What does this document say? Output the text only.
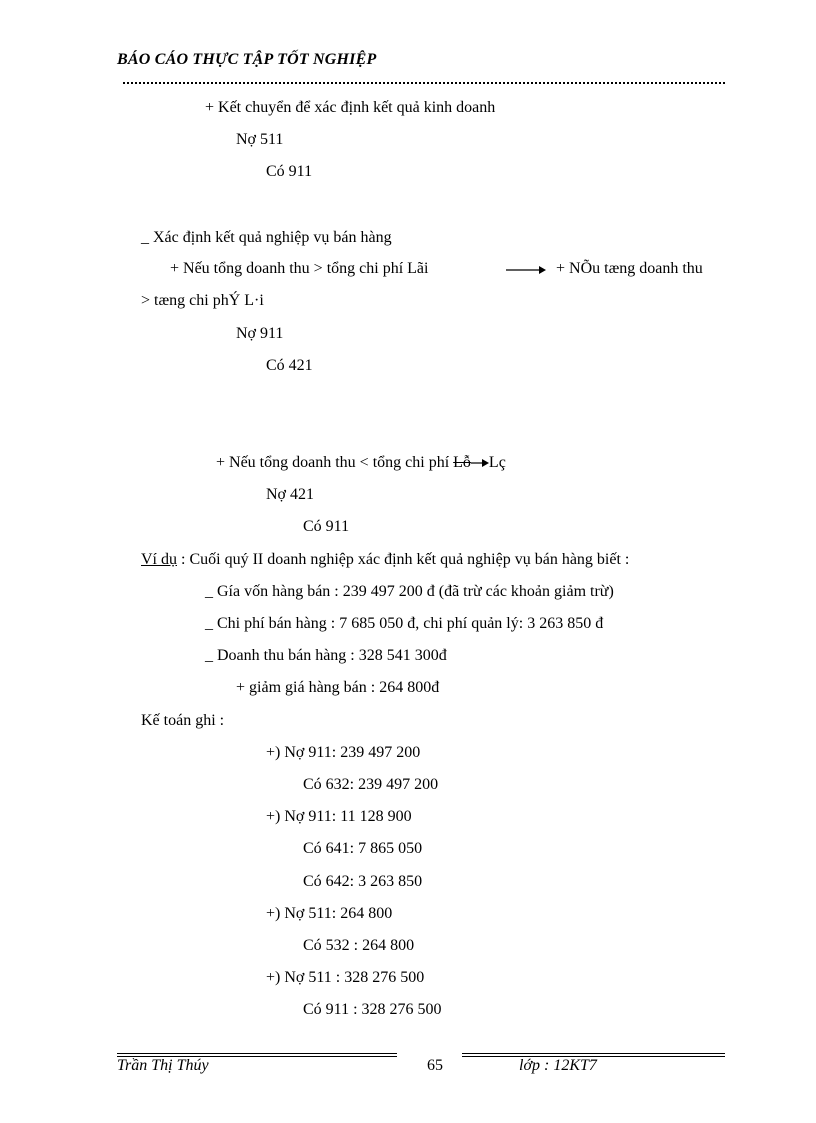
BÁO CÁO THỰC TẬP TỐT NGHIỆP
+ Kết chuyển để xác định kết quả kinh doanh
Nợ 511
Có 911
_ Xác định kết quả nghiệp vụ bán hàng
+ Nếu tổng doanh thu > tổng chi phí Lãi	+ NÕu tæng doanh thu
> tæng chi phÝ L·i
Nợ 911
Có 421
+ Nếu tổng doanh thu < tổng chi phí Lỗ Lç
Nợ 421
Có 911
Ví dụ : Cuối quý II doanh nghiệp xác định kết quả nghiệp vụ bán hàng biết :
_ Gía vốn hàng bán : 239 497 200 đ (đã trừ các khoản giảm trừ)
_ Chi phí bán hàng : 7 685 050 đ, chi phí quản lý: 3 263 850 đ
_ Doanh thu bán hàng : 328 541 300đ
+ giảm giá hàng bán : 264 800đ
Kế toán ghi :
+) Nợ 911: 239 497 200
Có 632: 239 497 200
+) Nợ 911: 11 128 900
Có 641: 7 865 050
Có 642: 3 263 850
+) Nợ 511: 264 800
Có 532 : 264 800
+) Nợ 511 : 328 276 500
Có 911 : 328 276 500
Trần Thị Thúy	65	lớp : 12KT7
